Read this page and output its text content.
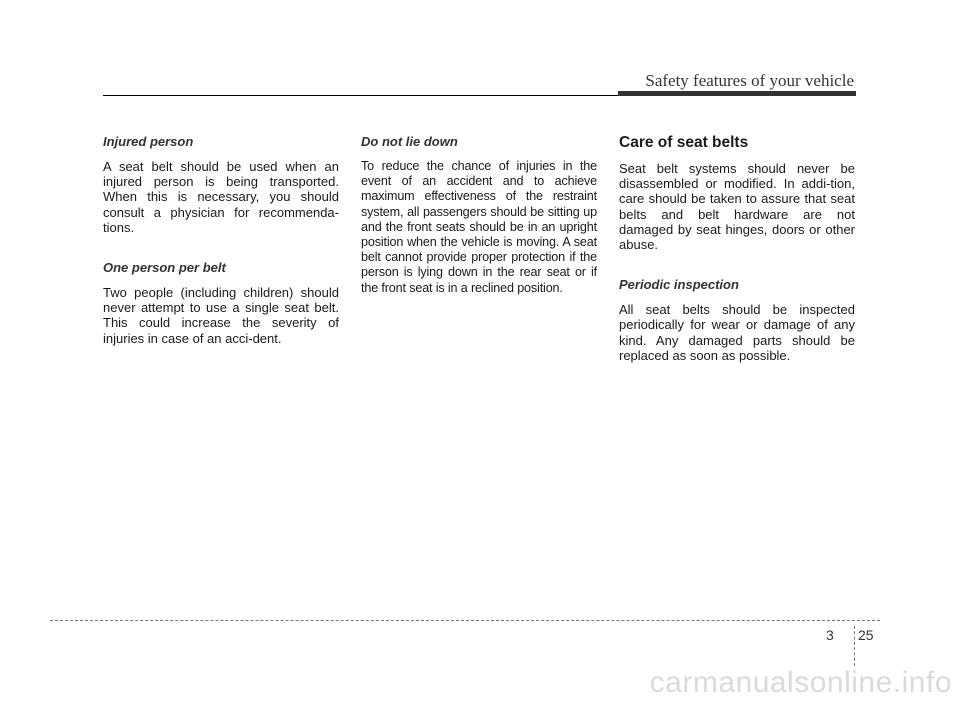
Safety features of your vehicle
Injured person

A seat belt should be used when an injured person is being transported. When this is necessary, you should consult a physician for recommenda-tions.

One person per belt

Two people (including children) should never attempt to use a single seat belt. This could increase the severity of injuries in case of an acci-dent.

Do not lie down

To reduce the chance of injuries in the event of an accident and to achieve maximum effectiveness of the restraint system, all passengers should be sitting up and the front seats should be in an upright position when the vehicle is moving. A seat belt cannot provide proper protection if the person is lying down in the rear seat or if the front seat is in a reclined position.

Care of seat belts

Seat belt systems should never be disassembled or modified. In addi-tion, care should be taken to assure that seat belts and belt hardware are not damaged by seat hinges, doors or other abuse.

Periodic inspection

All seat belts should be inspected periodically for wear or damage of any kind. Any damaged parts should be replaced as soon as possible.

3 25
carmanualsonline.info
